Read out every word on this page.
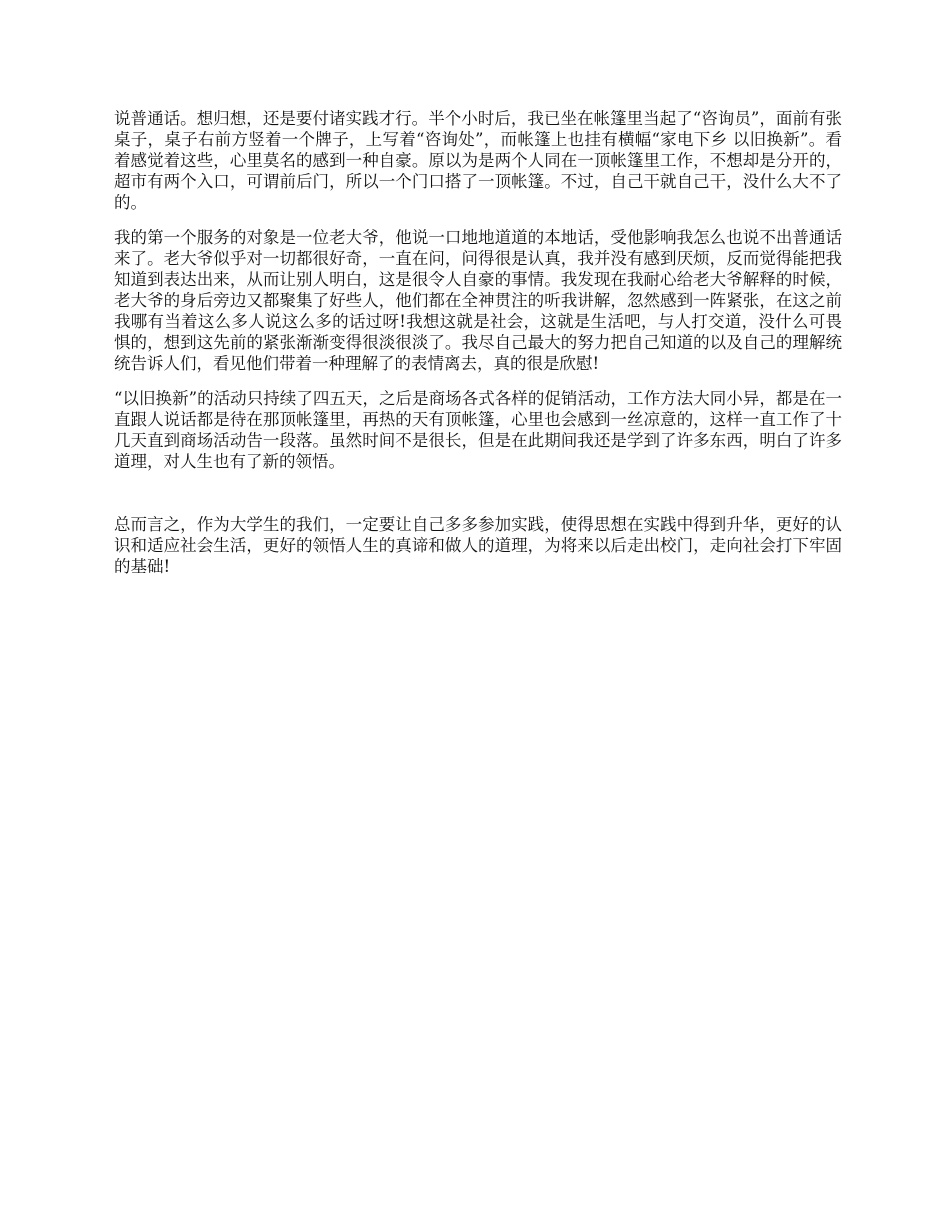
说普通话。想归想，还是要付诸实践才行。半个小时后，我已坐在帐篷里当起了“咨询员”，面前有张桌子，桌子右前方竖着一个牌子，上写着“咨询处”，而帐篷上也挂有横幅“家电下乡 以旧换新”。看着感觉着这些，心里莫名的感到一种自豪。原以为是两个人同在一顶帐篷里工作，不想却是分开的，超市有两个入口，可谓前后门，所以一个门口搭了一顶帐篷。不过，自己干就自己干，没什么大不了的。

我的第一个服务的对象是一位老大爷，他说一口地地道道的本地话，受他影响我怎么也说不出普通话来了。老大爷似乎对一切都很好奇，一直在问，问得很是认真，我并没有感到厌烦，反而觉得能把我知道到表达出来，从而让别人明白，这是很令人自豪的事情。我发现在我耐心给老大爷解释的时候，老大爷的身后旁边又都聚集了好些人，他们都在全神贯注的听我讲解，忽然感到一阵紧张，在这之前我哪有当着这么多人说这么多的话过呀!我想这就是社会，这就是生活吧，与人打交道，没什么可畏惧的，想到这先前的紧张渐渐变得很淡很淡了。我尽自己最大的努力把自己知道的以及自己的理解统统告诉人们，看见他们带着一种理解了的表情离去，真的很是欣慰!

“以旧换新”的活动只持续了四五天，之后是商场各式各样的促销活动，工作方法大同小异，都是在一直跟人说话都是待在那顶帐篷里，再热的天有顶帐篷，心里也会感到一丝凉意的，这样一直工作了十几天直到商场活动告一段落。虽然时间不是很长，但是在此期间我还是学到了许多东西，明白了许多道理，对人生也有了新的领悟。

总而言之，作为大学生的我们，一定要让自己多多参加实践，使得思想在实践中得到升华，更好的认识和适应社会生活，更好的领悟人生的真谛和做人的道理，为将来以后走出校门，走向社会打下牢固的基础!
